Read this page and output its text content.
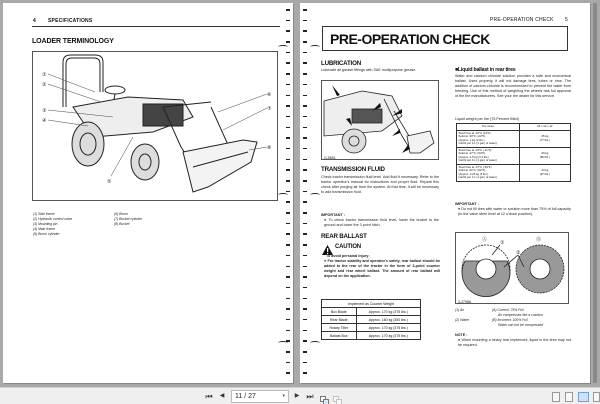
4 SPECIFICATIONS
LOADER TERMINOLOGY
①
②
③
④
⑤
⑥
⑦
⑧
(1) Side frame
(2) Hydraulic control valve
(3) Mounting pin
(4) Main frame
(5) Boom cylinder
(6) Boom
(7) Bucket cylinder
(8) Bucket
PRE-OPERATION CHECK 5
PRE-OPERATION CHECK
LUBRICATION
Lubricate all grease fittings with SAE multipurpose grease.
G-5691
TRANSMISSION FLUID
Check tractor transmission fluid level. Add fluid if necessary. Refer to the tractor operator's manual for instructions and proper fluid. Repeat this check after purging air from the system. At that time, it will be necessary to add transmission fluid.
IMPORTANT :
● To check tractor transmission fluid level, lower the bucket to the ground and lower the 3 point hitch.
REAR BALLAST
CAUTION
To avoid personal injury:
● For tractor stability and operator's safety, rear ballast should be added to the rear of the tractor in the form of 3-point counter weight and rear wheel ballast. The amount of rear ballast will depend on the application.
Implement as Counter Weight	
Box Blade	Approx. 170 kg (375 lbs.)
Rear Blade	Approx. 160 kg (350 lbs.)
Rotary Tiller	Approx. 170 kg (375 lbs.)
Ballast Box	Approx. 170 kg (375 lbs.)
■Liquid ballast in rear tires
Water and calcium chloride solution provides a safe and economical ballast. Used properly, it will not damage tires, tubes or rims. The addition of calcium chloride is recommended to prevent the water from freezing. Use of this method of weighting the wheels has full approval of the tire manufacturers. See your tire dealer for this service.
Liquid weight per tire (75 Percent filled)
Tire sizes	24 x 12 x 12

Slush free at -10°C (14°F)
Solid at -30°C (-22°F)
(Approx. 1 kg (2 lbs.)
CaCl2 per 4 L (1 gal.) of water)

35 kg
(77 lbs.)

Slush free at -24°C (-11°F)
Solid at -47°C (-53°F)
(Approx. 1.5 kg (3.3 lbs.)
CaCl2 per 4 L (1 gal.) of water)

39 kg
(86 lbs.)

Slush free at -47°C (-53°F)
Solid at -52°C (-62°F)
(Approx. 2.25 kg (5 lbs.)
CaCl2 per 4 L (1 gal.) of water)

44 kg
(97 lbs.)
IMPORTANT :
● Do not fill tires with water or solution more than 75% of full capacity (to the valve stem level at 12 o'clock position).
Ⓐ	Ⓑ
①
②
3-2798A
(1) Air
(2) Water
(A) Correct: 75% Full
Air compresses like a cushion
(B) Incorrect: 100% Full
Water can not be compressed
NOTE :
● When mounting a heavy rear implement, liquid in the tires may not be required.
⏮ ◀	11 / 27	▾ ▶ ⏭
